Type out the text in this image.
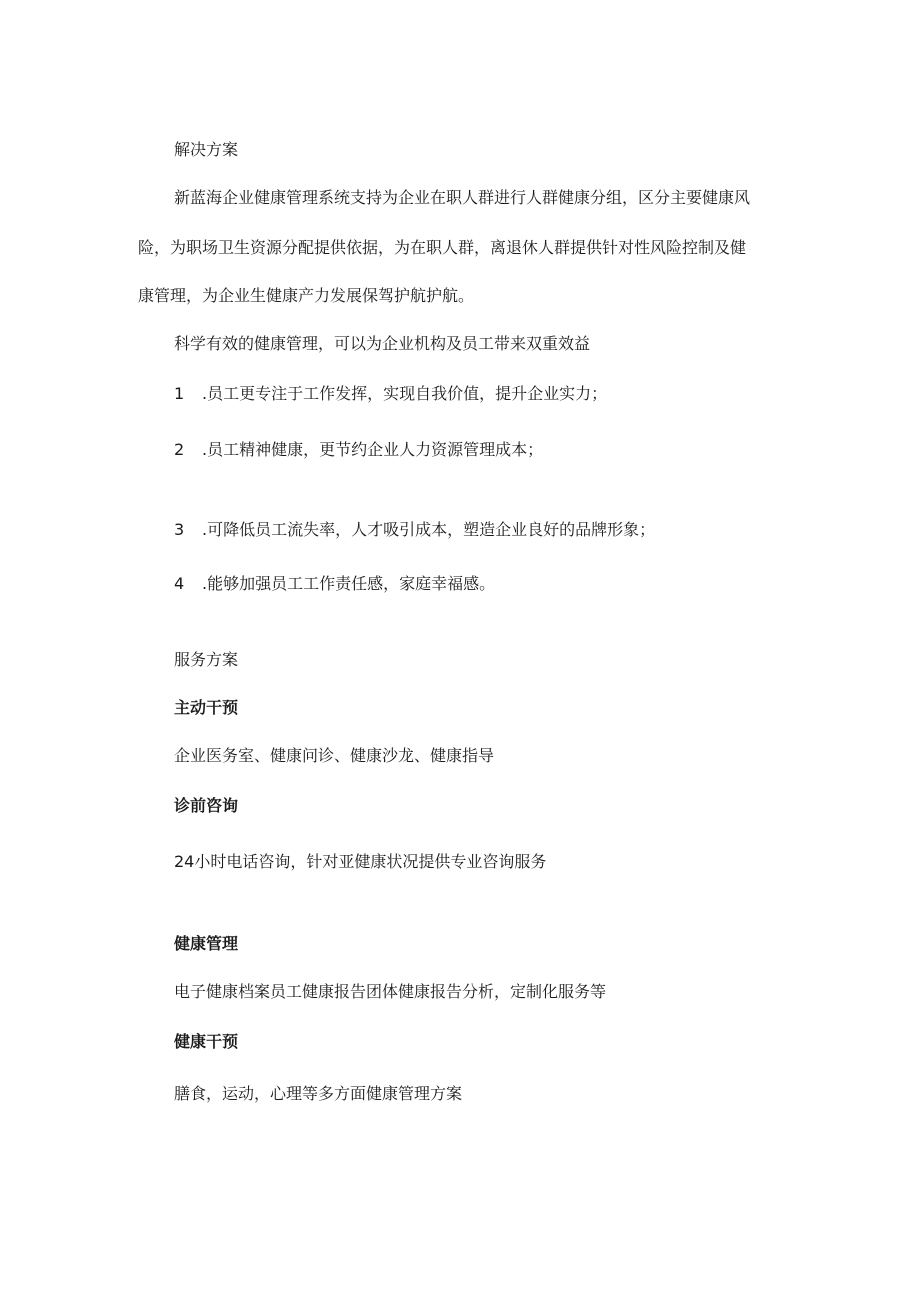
解决方案

新蓝海企业健康管理系统支持为企业在职人群进行人群健康分组，区分主要健康风

险，为职场卫生资源分配提供依据，为在职人群，离退休人群提供针对性风险控制及健

康管理，为企业生健康产力发展保驾护航护航。

科学有效的健康管理，可以为企业机构及员工带来双重效益

1 .员工更专注于工作发挥，实现自我价值，提升企业实力；

2 .员工精神健康，更节约企业人力资源管理成本；

3 .可降低员工流失率，人才吸引成本，塑造企业良好的品牌形象；

4 .能够加强员工工作责任感，家庭幸福感。

服务方案

主动干预

企业医务室、健康问诊、健康沙龙、健康指导

诊前咨询

24小时电话咨询，针对亚健康状况提供专业咨询服务

健康管理

电子健康档案员工健康报告团体健康报告分析，定制化服务等

健康干预

膳食，运动，心理等多方面健康管理方案
